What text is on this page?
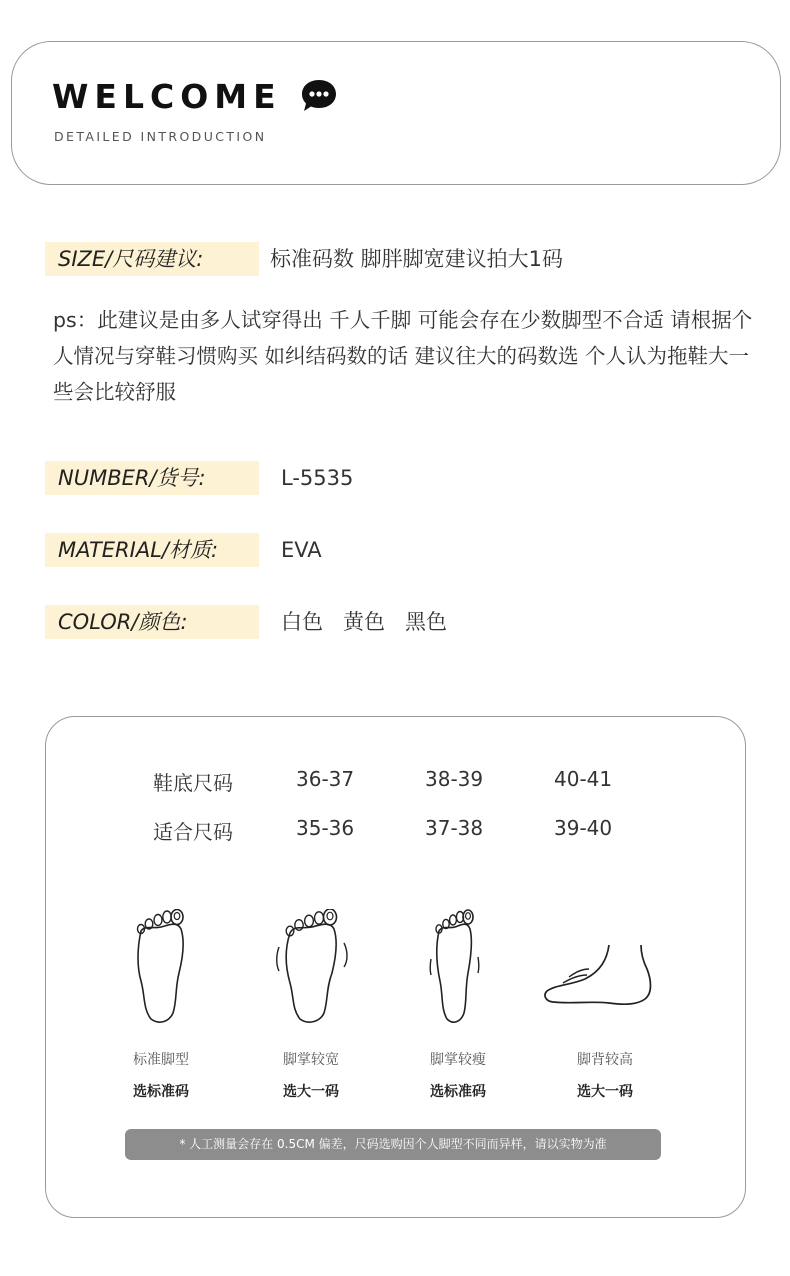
WELCOME
DETAILED INTRODUCTION
SIZE/尺码建议:	标准码数 脚胖脚宽建议拍大1码
ps：此建议是由多人试穿得出 千人千脚 可能会存在少数脚型不合适 请根据个人情况与穿鞋习惯购买 如纠结码数的话 建议往大的码数选 个人认为拖鞋大一些会比较舒服
NUMBER/货号:	L-5535
MATERIAL/材质:	EVA
COLOR/颜色:	白色   黄色   黑色
鞋底尺码	36-37	38-39	40-41
适合尺码	35-36	37-38	39-40
标准脚型	脚掌较宽	脚掌较瘦	脚背较高
选标准码	选大一码	选标准码	选大一码
* 人工测量会存在 0.5CM 偏差，尺码选购因个人脚型不同而异样，请以实物为准
